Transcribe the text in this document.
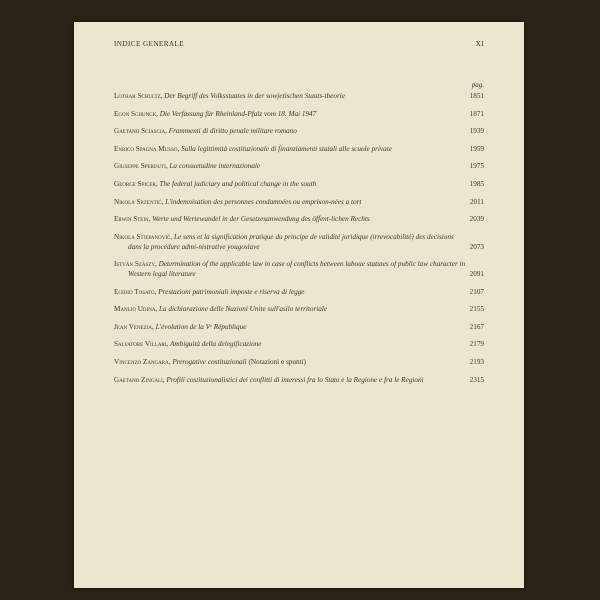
INDICE GENERALE	XI
pag.
Lothar Schultz, Der Begriff des Volksstaates in der sowjetischen Staats-theorie	1851
Egon Schunck, Die Verfassung für Rheinland-Pfalz vom 18. Mai 1947	1871
Gaetano Sciascia, Frammenti di diritto penale militare romano	1939
Enrico Spagna Musso, Sulla legittimità costituzionale di finanziamenti statali alle scuole private	1959
Giuseppe Sperduti, La consuetudine internazionale	1975
George Spicer, The federal judiciary and political change in the south	1985
Nikola Srzentić, L'indemnisation des personnes condamnées ou emprison-nées a tort	2011
Erwin Stein, Werte und Wertewandel in der Gesetzesanwendung des öffent-lichen Rechts	2039
Nikola Stjepanović, Le sens et la signification pratique du principe de validité juridique (irrevocabilité) des decisions dans la procédure admi-nistrative yougoslave	2073
István Szászy, Determination of the applicable law in case of conflicts between laboue statutes of public law character in Western legal literature	2091
Egidio Tosato, Prestazioni patrimoniali imposte e riserva di legge	2107
Manlio Udina, La dichiarazione delle Nazioni Unite sull'asilo territoriale	2155
Jean Venezia, L'évolution de la Vᵉ République	2167
Salvatore Villari, Ambiguità della delegificazione	2179
Vincenzo Zangara, Prerogative costituzionali (Notazioni e spunti)	2193
Gaetano Zingali, Profili costituzionalistici dei conflitti di interessi fra lo Stato e la Regione e fra le Regioni	2315
